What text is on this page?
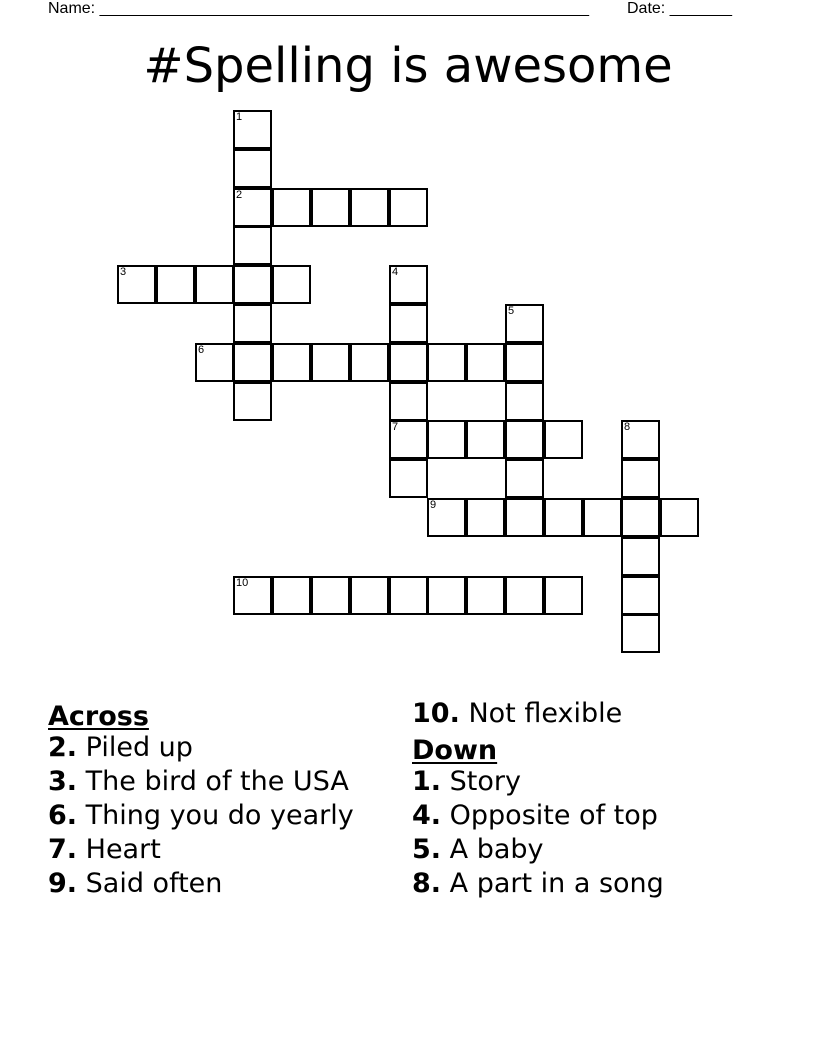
Name: _______________________________________________________ Date: _______
#Spelling is awesome
1
2
3	4
5
6
7	8
9
10
Across
2. Piled up
3. The bird of the USA
6. Thing you do yearly
7. Heart
9. Said often
10. Not flexible
Down
1. Story
4. Opposite of top
5. A baby
8. A part in a song
